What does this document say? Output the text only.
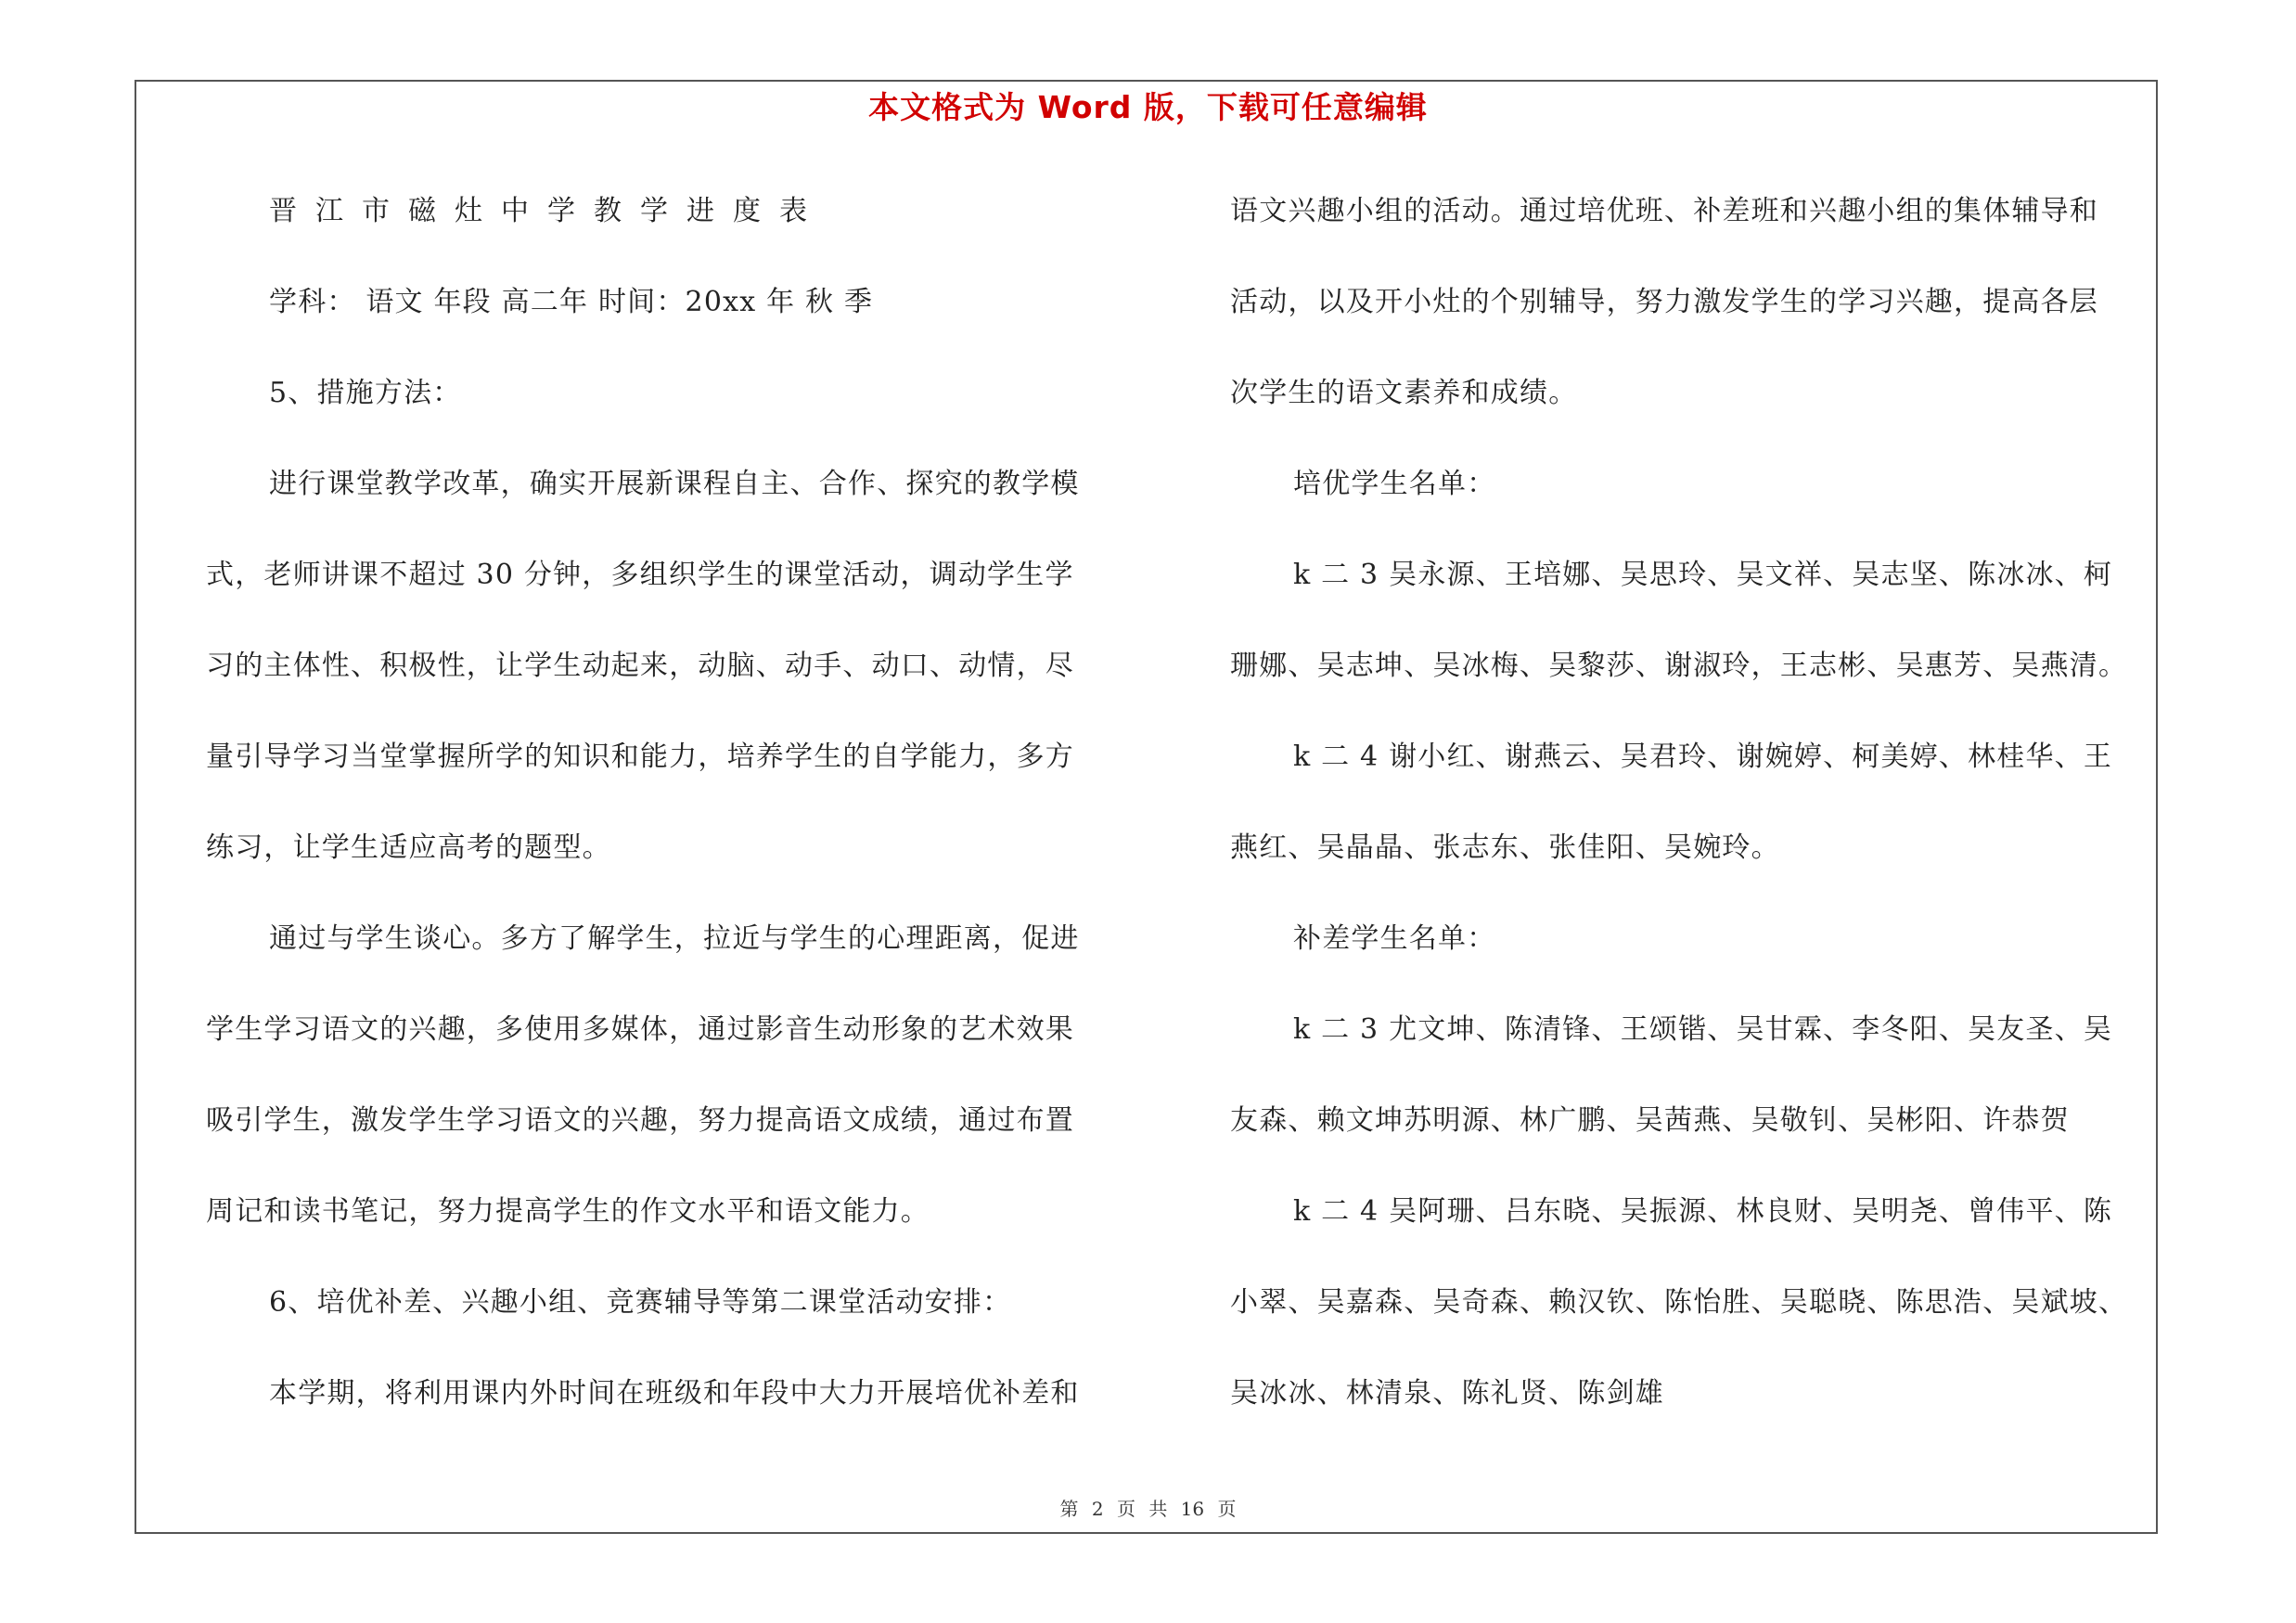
本文格式为 Word 版，下载可任意编辑
晋江市磁灶中学教学进度表
学科： 语文 年段 高二年 时间：20xx 年 秋 季
5、措施方法：
进行课堂教学改革，确实开展新课程自主、合作、探究的教学模
式，老师讲课不超过 30 分钟，多组织学生的课堂活动，调动学生学
习的主体性、积极性，让学生动起来，动脑、动手、动口、动情，尽
量引导学习当堂掌握所学的知识和能力，培养学生的自学能力，多方
练习，让学生适应高考的题型。
通过与学生谈心。多方了解学生，拉近与学生的心理距离，促进
学生学习语文的兴趣，多使用多媒体，通过影音生动形象的艺术效果
吸引学生，激发学生学习语文的兴趣，努力提高语文成绩，通过布置
周记和读书笔记，努力提高学生的作文水平和语文能力。
6、培优补差、兴趣小组、竞赛辅导等第二课堂活动安排：
本学期，将利用课内外时间在班级和年段中大力开展培优补差和
语文兴趣小组的活动。通过培优班、补差班和兴趣小组的集体辅导和
活动，以及开小灶的个别辅导，努力激发学生的学习兴趣，提高各层
次学生的语文素养和成绩。
培优学生名单：
k 二 3 吴永源、王培娜、吴思玲、吴文祥、吴志坚、陈冰冰、柯
珊娜、吴志坤、吴冰梅、吴黎莎、谢淑玲，王志彬、吴惠芳、吴燕清。
k 二 4 谢小红、谢燕云、吴君玲、谢婉婷、柯美婷、林桂华、王
燕红、吴晶晶、张志东、张佳阳、吴婉玲。
补差学生名单：
k 二 3 尤文坤、陈清锋、王颂锴、吴甘霖、李冬阳、吴友圣、吴
友森、赖文坤苏明源、林广鹏、吴茜燕、吴敬钊、吴彬阳、许恭贺
k 二 4 吴阿珊、吕东晓、吴振源、林良财、吴明尧、曾伟平、陈
小翠、吴嘉森、吴奇森、赖汉钦、陈怡胜、吴聪晓、陈思浩、吴斌坡、
吴冰冰、林清泉、陈礼贤、陈剑雄
第 2 页 共 16 页
